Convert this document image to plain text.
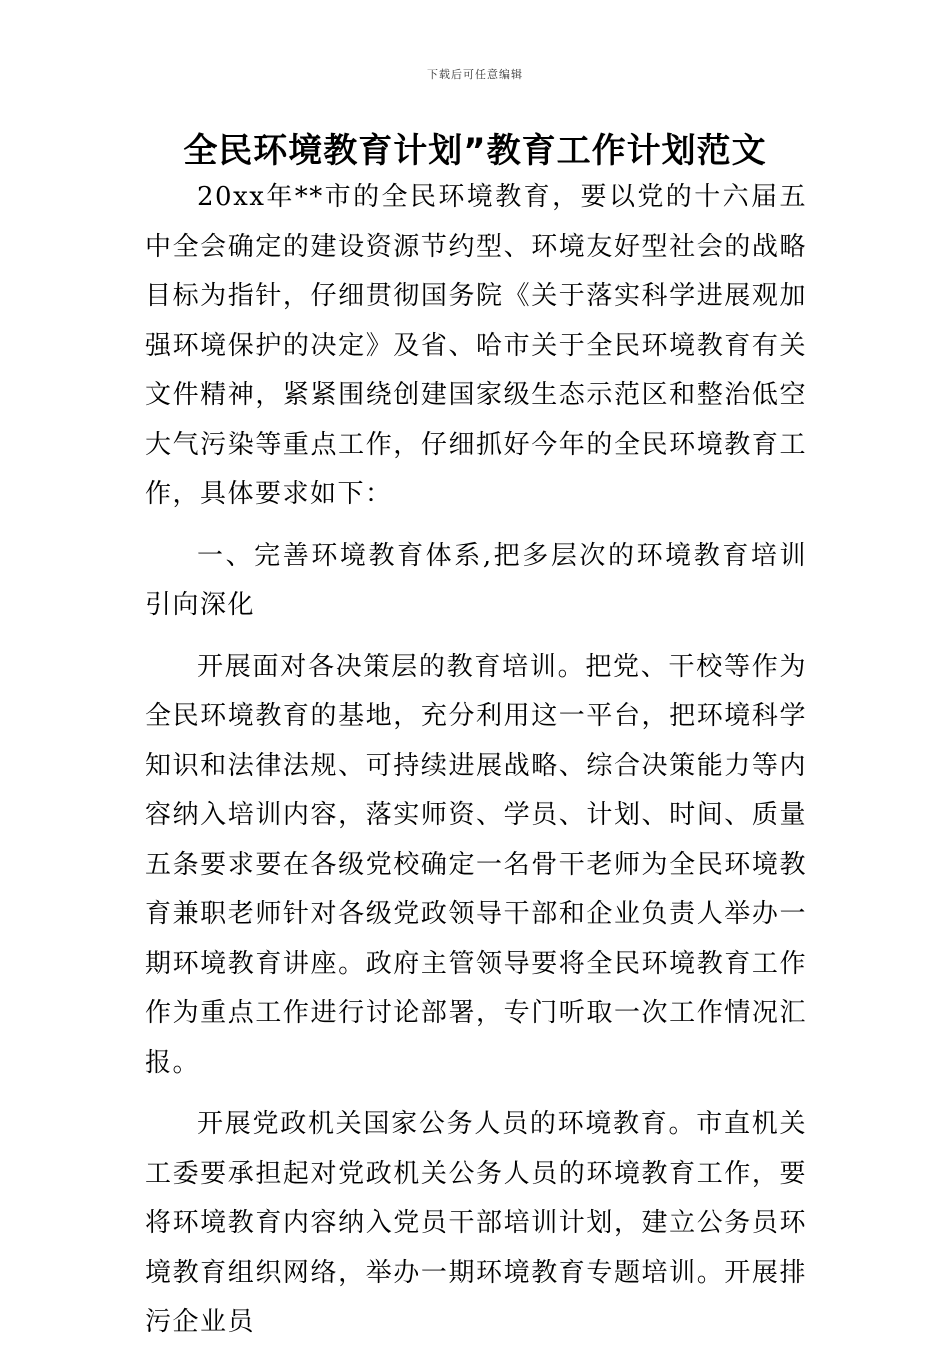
下载后可任意编辑
全民环境教育计划”教育工作计划范文

20xx年**市的全民环境教育，要以党的十六届五中全会确定的建设资源节约型、环境友好型社会的战略目标为指针，仔细贯彻国务院《关于落实科学进展观加强环境保护的决定》及省、哈市关于全民环境教育有关文件精神，紧紧围绕创建国家级生态示范区和整治低空大气污染等重点工作，仔细抓好今年的全民环境教育工作，具体要求如下：

一、完善环境教育体系,把多层次的环境教育培训引向深化

开展面对各决策层的教育培训。把党、干校等作为全民环境教育的基地，充分利用这一平台，把环境科学知识和法律法规、可持续进展战略、综合决策能力等内容纳入培训内容，落实师资、学员、计划、时间、质量五条要求要在各级党校确定一名骨干老师为全民环境教育兼职老师针对各级党政领导干部和企业负责人举办一期环境教育讲座。政府主管领导要将全民环境教育工作作为重点工作进行讨论部署，专门听取一次工作情况汇报。

开展党政机关国家公务人员的环境教育。市直机关工委要承担起对党政机关公务人员的环境教育工作，要将环境教育内容纳入党员干部培训计划，建立公务员环境教育组织网络，举办一期环境教育专题培训。开展排污企业员
